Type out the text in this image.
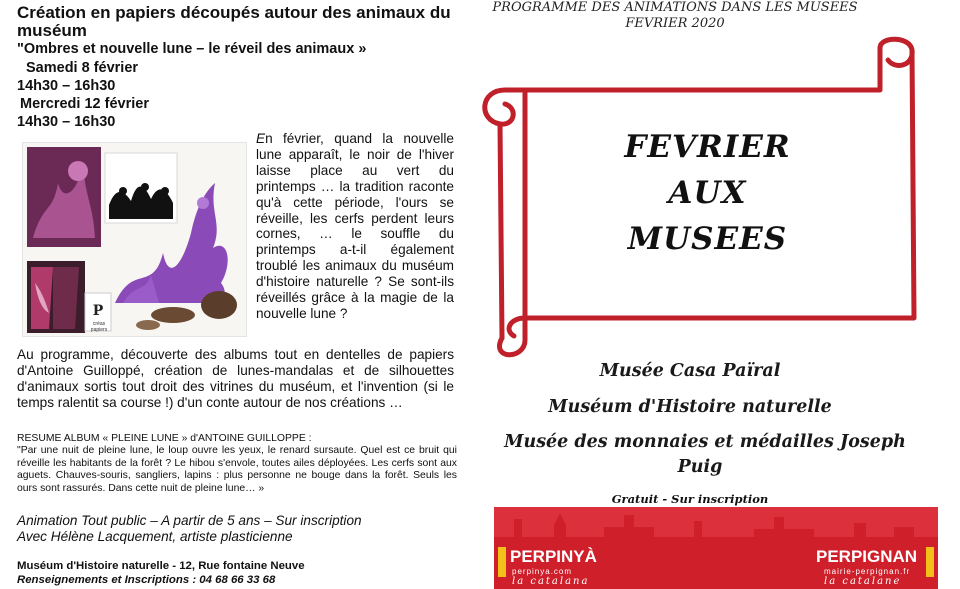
Création en papiers découpés autour des animaux du muséum
"Ombres et nouvelle lune – le réveil des animaux »
Samedi 8 février
14h30 – 16h30
Mercredi 12 février
14h30 – 16h30
P
créas papiers
En février, quand la nouvelle lune apparaît, le noir de l'hiver laisse place au vert du printemps … la tradition raconte qu'à cette période, l'ours se réveille, les cerfs perdent leurs cornes, … le souffle du printemps a-t-il également troublé les animaux du muséum d'histoire naturelle ? Se sont-ils réveillés grâce à la magie de la nouvelle lune ?
Au programme, découverte des albums tout en dentelles de papiers d'Antoine Guilloppé, création de lunes-mandalas et de silhouettes d'animaux sortis tout droit des vitrines du muséum, et l'invention (si le temps ralentit sa course !) d'un conte autour de nos créations …
RESUME ALBUM « PLEINE LUNE » d'ANTOINE GUILLOPPE :
"Par une nuit de pleine lune, le loup ouvre les yeux, le renard sursaute. Quel est ce bruit qui réveille les habitants de la forêt ? Le hibou s'envole, toutes ailes déployées. Les cerfs sont aux aguets. Chauves-souris, sangliers, lapins : plus personne ne bouge dans la forêt. Seuls les ours sont rassurés. Dans cette nuit de pleine lune… »
Animation Tout public – A partir de 5 ans – Sur inscription
Avec Hélène Lacquement, artiste plasticienne
Muséum d'Histoire naturelle - 12, Rue fontaine Neuve
Renseignements et Inscriptions : 04 68 66 33 68
PROGRAMME DES ANIMATIONS DANS LES MUSEES
FEVRIER 2020
FEVRIER
AUX
MUSEES
Musée Casa Païral
Muséum d'Histoire naturelle
Musée des monnaies et médailles Joseph
Puig
Gratuit - Sur inscription
PERPINYÀ
perpinya.com
la catalana
PERPIGNAN
mairie-perpignan.fr
la catalane
